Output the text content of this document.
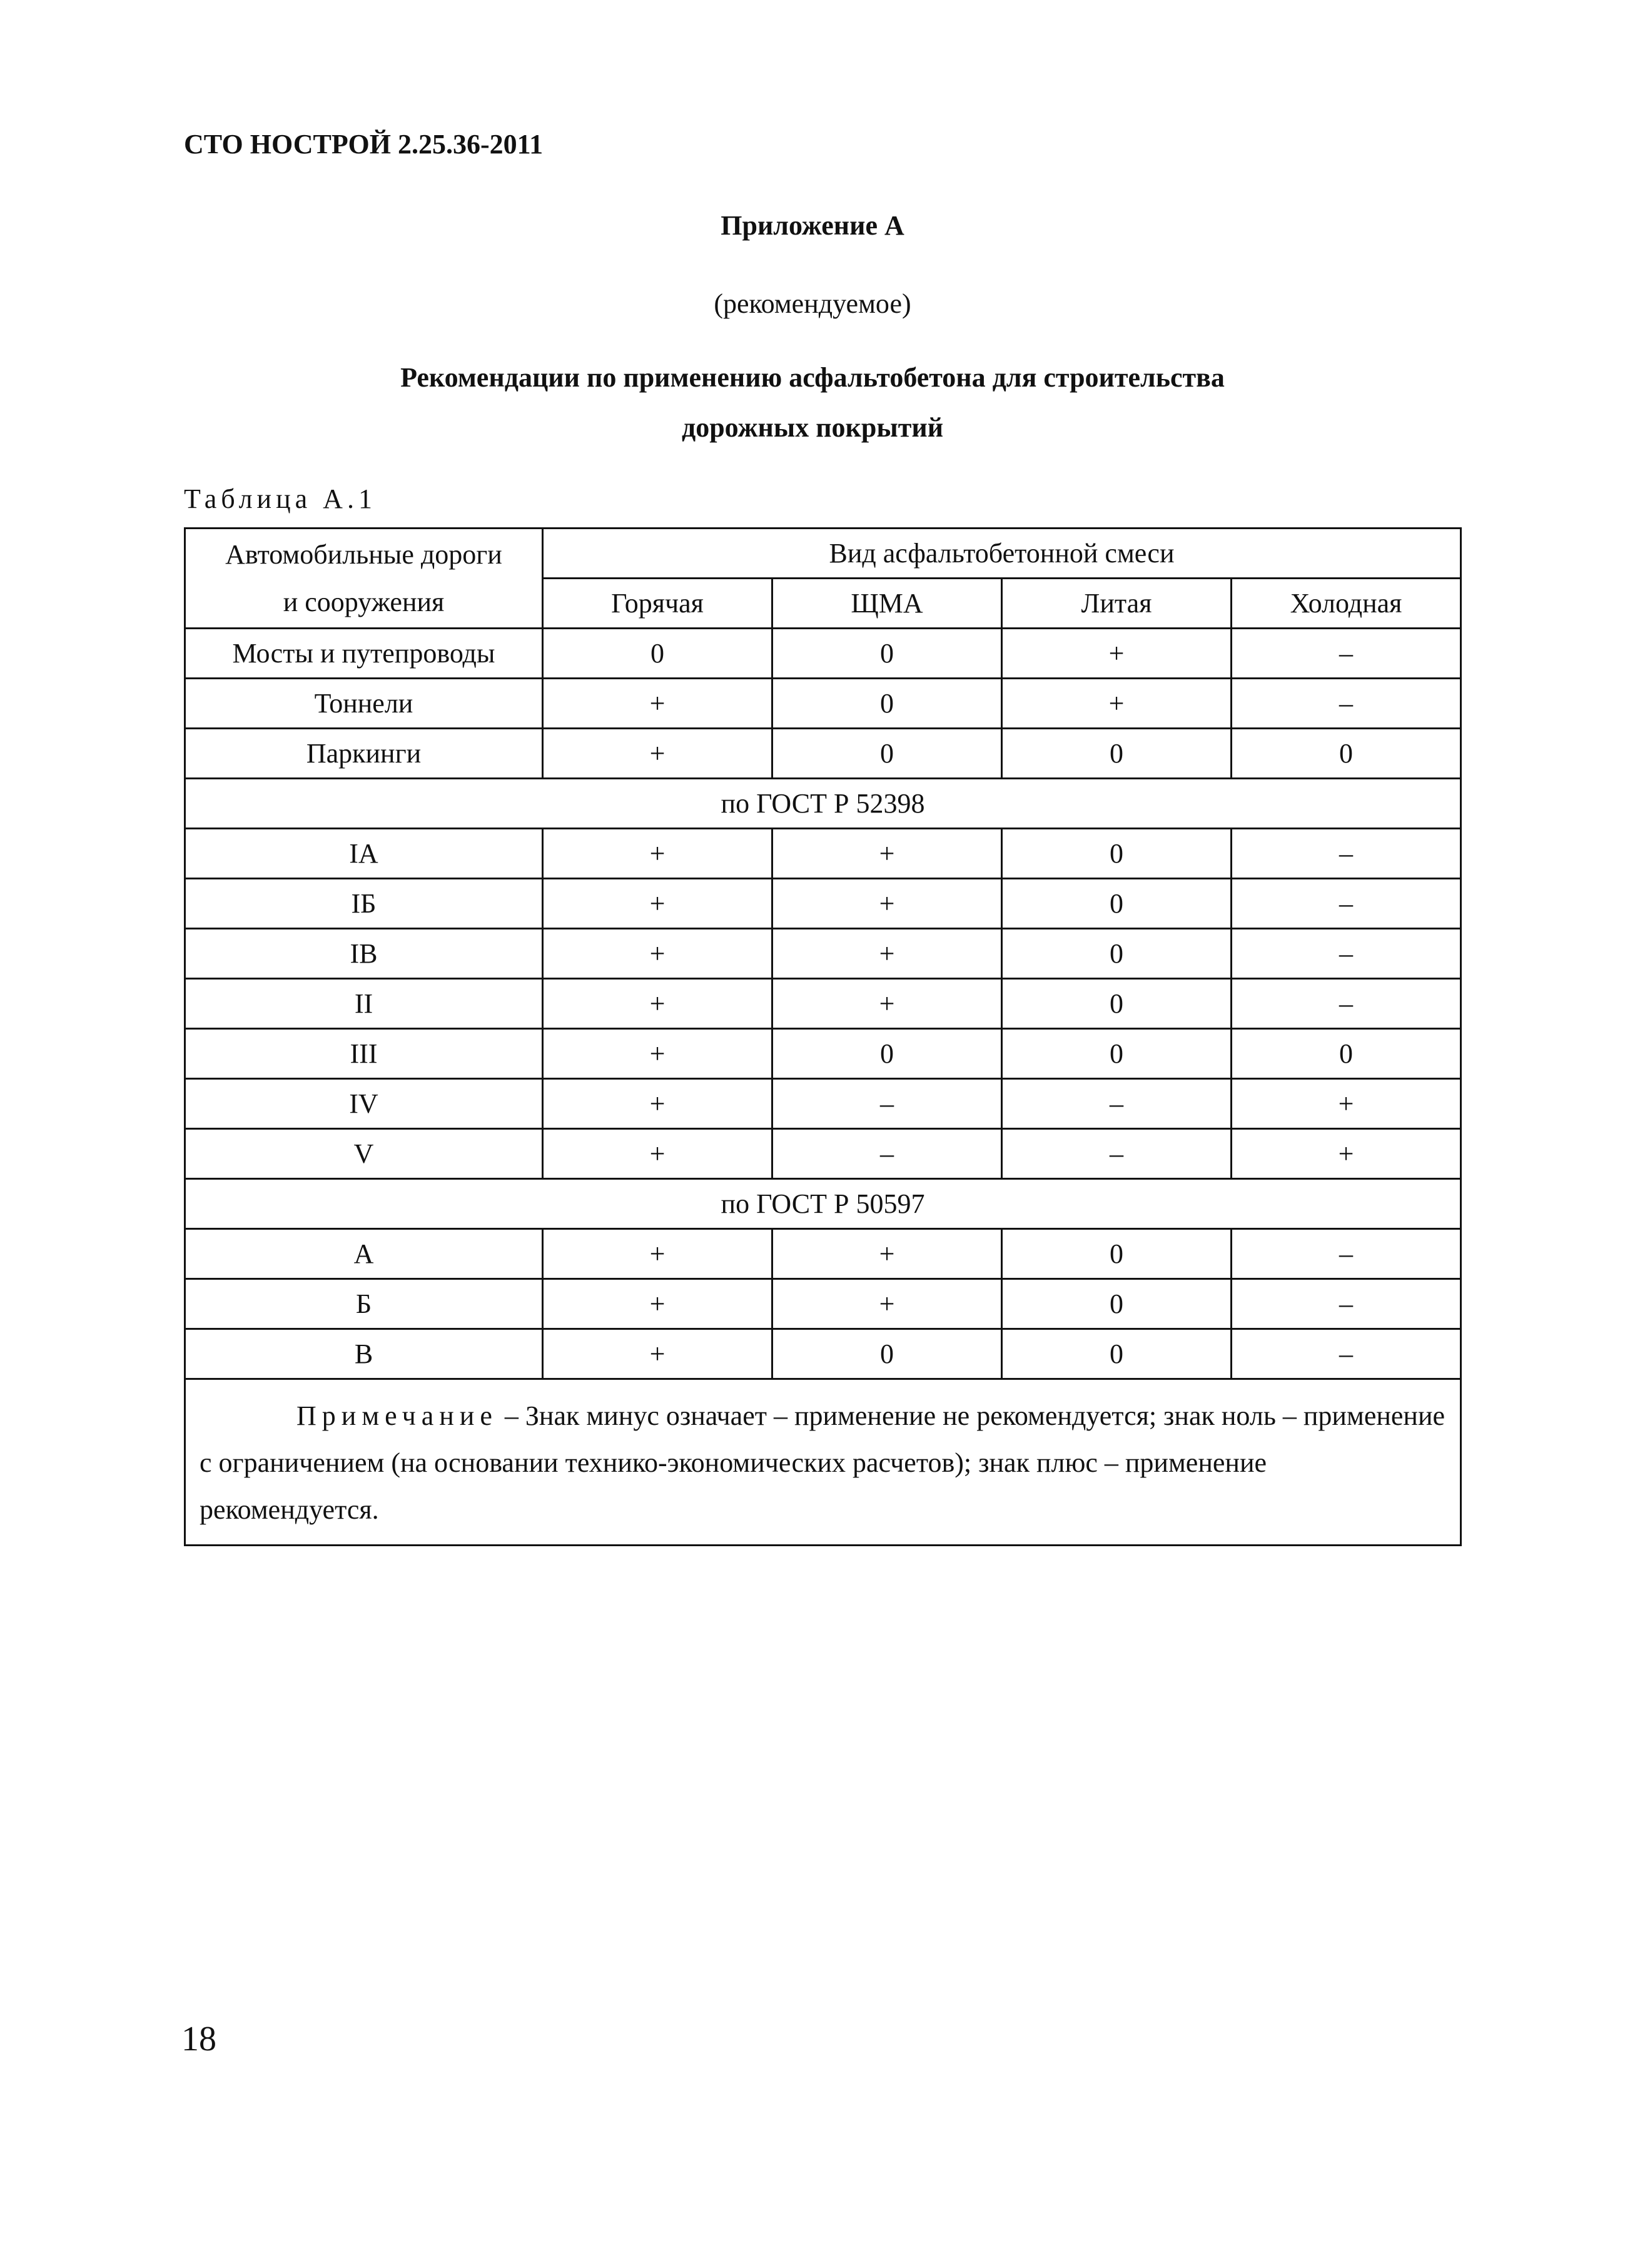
СТО НОСТРОЙ 2.25.36-2011
Приложение А
(рекомендуемое)
Рекомендации по применению асфальтобетона для строительства
дорожных покрытий
Таблица А.1
Автомобильные дороги
и сооружения	Вид асфальтобетонной смеси			
	Горячая	ЩМА	Литая	Холодная
Мосты и путепроводы	0	0	+	–
Тоннели	+	0	+	–
Паркинги	+	0	0	0
по ГОСТ Р 52398				
IА	+	+	0	–
IБ	+	+	0	–
IВ	+	+	0	–
II	+	+	0	–
III	+	0	0	0
IV	+	–	–	+
V	+	–	–	+
по ГОСТ Р 50597				
А	+	+	0	–
Б	+	+	0	–
В	+	0	0	–
Примечание – Знак минус означает – применение не рекомендуется; знак ноль – применение с ограничением (на основании технико-экономических расчетов); знак плюс – применение рекомендуется.				
18
